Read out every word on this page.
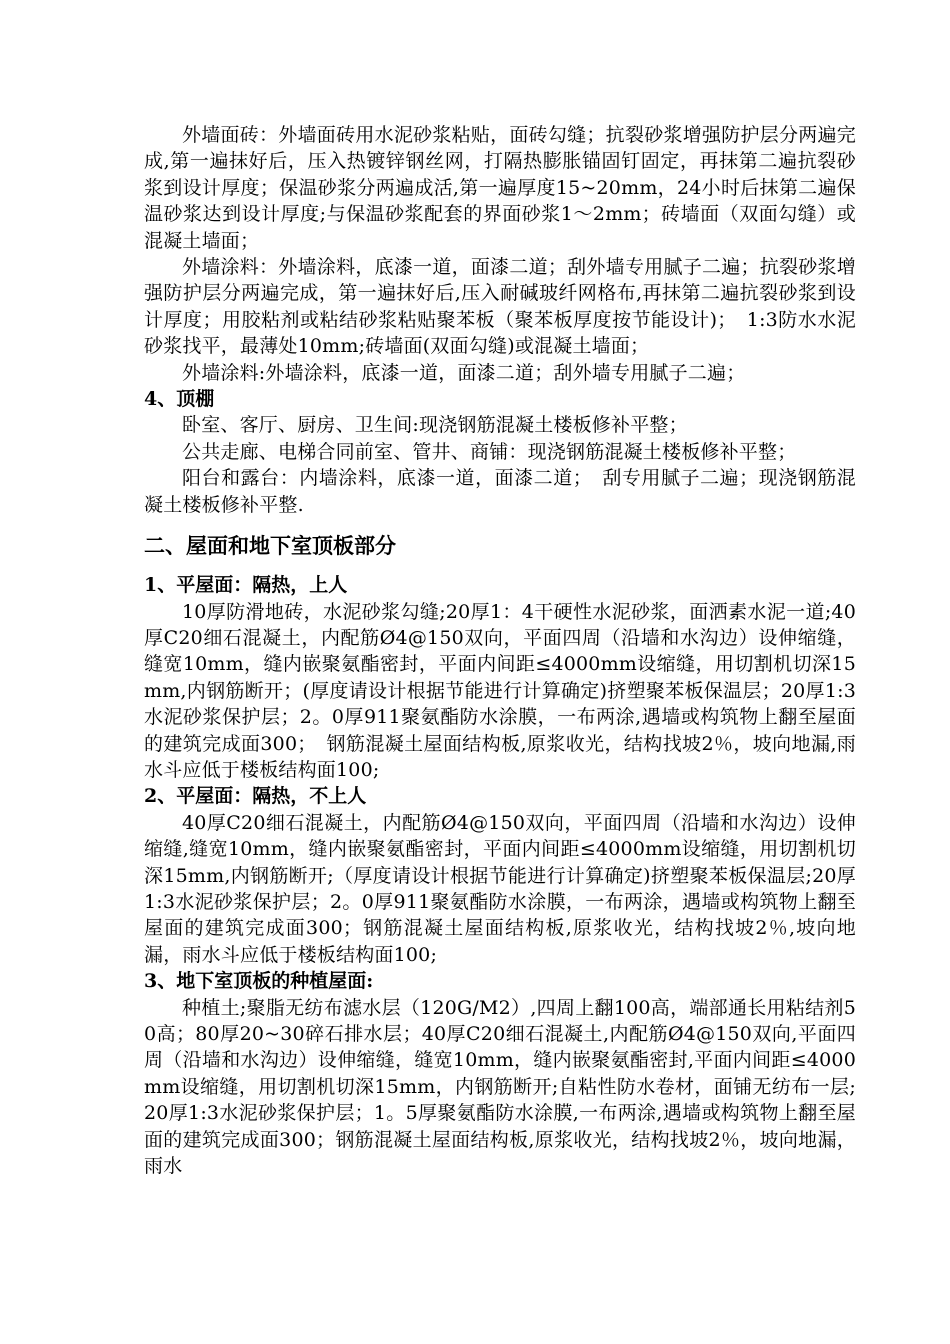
外墙面砖：外墙面砖用水泥砂浆粘贴，面砖勾缝；抗裂砂浆增强防护层分两遍完成,第一遍抹好后，压入热镀锌钢丝网，打隔热膨胀锚固钉固定，再抹第二遍抗裂砂浆到设计厚度；保温砂浆分两遍成活,第一遍厚度15~20mm，24小时后抹第二遍保温砂浆达到设计厚度;与保温砂浆配套的界面砂浆1～2mm；砖墙面（双面勾缝）或混凝土墙面；

外墙涂料：外墙涂料，底漆一道，面漆二道；刮外墙专用腻子二遍；抗裂砂浆增强防护层分两遍完成，第一遍抹好后,压入耐碱玻纤网格布,再抹第二遍抗裂砂浆到设计厚度；用胶粘剂或粘结砂浆粘贴聚苯板（聚苯板厚度按节能设计)；　1:3防水水泥砂浆找平，最薄处10mm;砖墙面(双面勾缝)或混凝土墙面；

外墙涂料:外墙涂料，底漆一道，面漆二道；刮外墙专用腻子二遍；

4、顶棚

卧室、客厅、厨房、卫生间:现浇钢筋混凝土楼板修补平整；

公共走廊、电梯合同前室、管井、商铺：现浇钢筋混凝土楼板修补平整；

阳台和露台：内墙涂料，底漆一道，面漆二道；　刮专用腻子二遍；现浇钢筋混凝土楼板修补平整.

二、屋面和地下室顶板部分

1、平屋面：隔热，上人

10厚防滑地砖，水泥砂浆勾缝;20厚1：4干硬性水泥砂浆，面洒素水泥一道;40厚C20细石混凝土，内配筋Ø4@150双向，平面四周（沿墙和水沟边）设伸缩缝，缝宽10mm，缝内嵌聚氨酯密封，平面内间距≤4000mm设缩缝，用切割机切深15mm,内钢筋断开；(厚度请设计根据节能进行计算确定)挤塑聚苯板保温层；20厚1:3水泥砂浆保护层；2。0厚911聚氨酯防水涂膜，一布两涂,遇墙或构筑物上翻至屋面的建筑完成面300；　钢筋混凝土屋面结构板,原浆收光，结构找坡2％，坡向地漏,雨水斗应低于楼板结构面100;

2、平屋面：隔热，不上人

40厚C20细石混凝土，内配筋Ø4@150双向，平面四周（沿墙和水沟边）设伸缩缝,缝宽10mm，缝内嵌聚氨酯密封，平面内间距≤4000mm设缩缝，用切割机切深15mm,内钢筋断开;（厚度请设计根据节能进行计算确定)挤塑聚苯板保温层;20厚1:3水泥砂浆保护层；2。0厚911聚氨酯防水涂膜，一布两涂，遇墙或构筑物上翻至屋面的建筑完成面300；钢筋混凝土屋面结构板,原浆收光，结构找坡2％,坡向地漏，雨水斗应低于楼板结构面100;

3、地下室顶板的种植屋面:

种植土;聚脂无纺布滤水层（120G/M2）,四周上翻100高，端部通长用粘结剂50高；80厚20~30碎石排水层；40厚C20细石混凝土,内配筋Ø4@150双向,平面四周（沿墙和水沟边）设伸缩缝，缝宽10mm，缝内嵌聚氨酯密封,平面内间距≤4000mm设缩缝，用切割机切深15mm，内钢筋断开;自粘性防水卷材，面铺无纺布一层;20厚1:3水泥砂浆保护层；1。5厚聚氨酯防水涂膜,一布两涂,遇墙或构筑物上翻至屋面的建筑完成面300；钢筋混凝土屋面结构板,原浆收光，结构找坡2％，坡向地漏，雨水
